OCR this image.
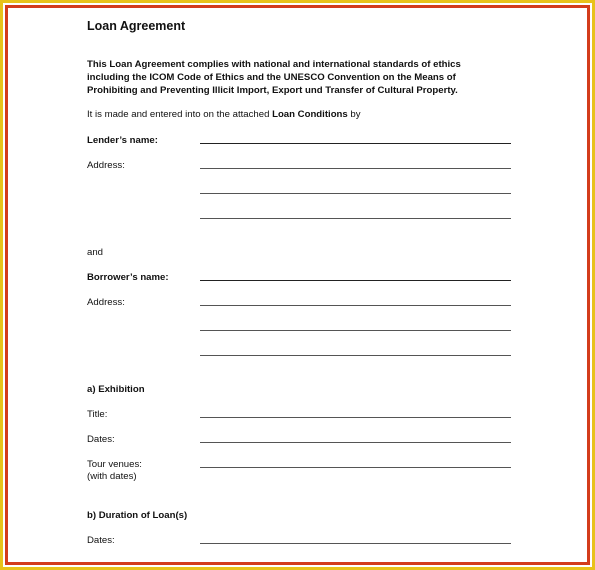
Loan Agreement
This Loan Agreement complies with national and international standards of ethics
including the ICOM Code of Ethics and the UNESCO Convention on the Means of
Prohibiting and Preventing Illicit Import, Export und Transfer of Cultural Property.
It is made and entered into on the attached Loan Conditions by
Lender’s name:
Address:
and
Borrower’s name:
Address:
a) Exhibition
Title:
Dates:
Tour venues:
(with dates)
b) Duration of Loan(s)
Dates:
